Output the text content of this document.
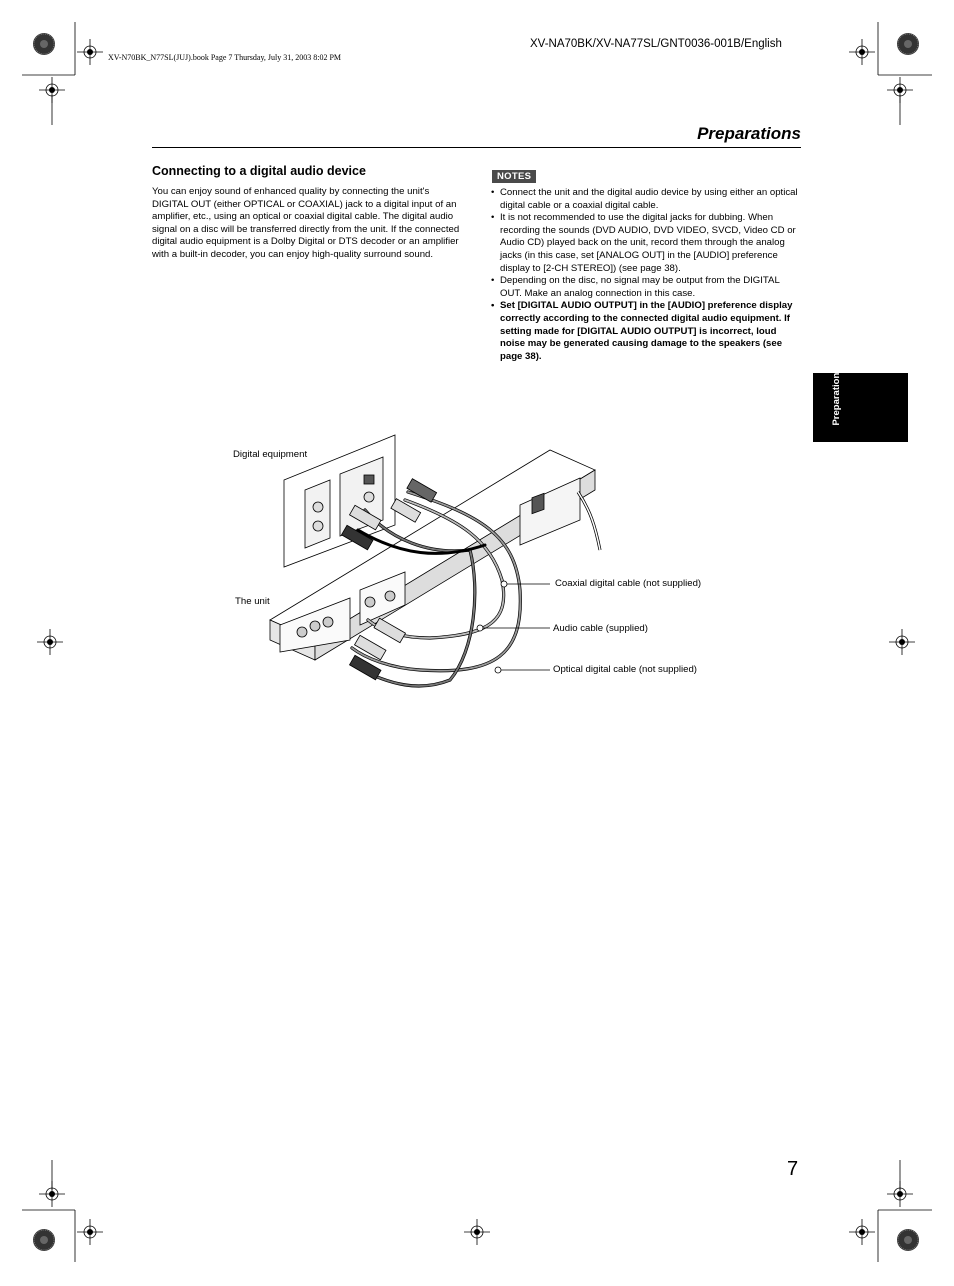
XV-N70BK_N77SL(JUJ).book Page 7 Thursday, July 31, 2003 8:02 PM
XV-NA70BK/XV-NA77SL/GNT0036-001B/English
Preparations
Preparations
Connecting to a digital audio device

You can enjoy sound of enhanced quality by connecting the unit's DIGITAL OUT (either OPTICAL or COAXIAL) jack to a digital input of an amplifier, etc., using an optical or coaxial digital cable. The digital audio signal on a disc will be transferred directly from the unit. If the connected digital audio equipment is a Dolby Digital or DTS decoder or an amplifier with a built-in decoder, you can enjoy high-quality surround sound.

NOTES
• Connect the unit and the digital audio device by using either an optical digital cable or a coaxial digital cable.
• It is not recommended to use the digital jacks for dubbing. When recording the sounds (DVD AUDIO, DVD VIDEO, SVCD, Video CD or Audio CD) played back on the unit, record them through the analog jacks (in this case, set [ANALOG OUT] in the [AUDIO] preference display to [2-CH STEREO]) (see page 38).
• Depending on the disc, no signal may be output from the DIGITAL OUT. Make an analog connection in this case.
• Set [DIGITAL AUDIO OUTPUT] in the [AUDIO] preference display correctly according to the connected digital audio equipment. If setting made for [DIGITAL AUDIO OUTPUT] is incorrect, loud noise may be generated causing damage to the speakers (see page 38).
Digital equipment
The unit
Coaxial digital cable (not supplied)
Audio cable (supplied)
Optical digital cable (not supplied)
7
